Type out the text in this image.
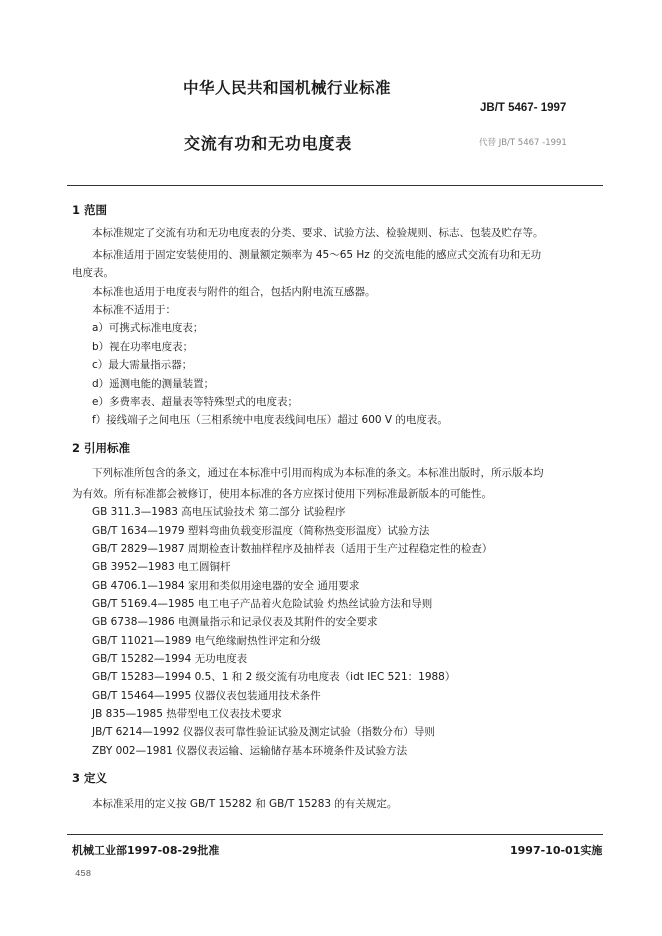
中华人民共和国机械行业标准
JB/T 5467- 1997
交流有功和无功电度表	代替 JB/T 5467 -1991
1 范围
本标准规定了交流有功和无功电度表的分类、要求、试验方法、检验规则、标志、包装及贮存等。
本标准适用于固定安装使用的、测量额定频率为 45～65 Hz 的交流电能的感应式交流有功和无功
电度表。
本标准也适用于电度表与附件的组合，包括内附电流互感器。
本标准不适用于：
a）可携式标准电度表；
b）视在功率电度表；
c）最大需量指示器；
d）遥测电能的测量装置；
e）多费率表、超量表等特殊型式的电度表；
f）接线端子之间电压（三相系统中电度表线间电压）超过 600 V 的电度表。
2 引用标准
下列标准所包含的条文，通过在本标准中引用而构成为本标准的条文。本标准出版时，所示版本均
为有效。所有标准都会被修订，使用本标准的各方应探讨使用下列标准最新版本的可能性。
GB 311.3—1983 高电压试验技术 第二部分 试验程序
GB/T 1634—1979 塑料弯曲负载变形温度（简称热变形温度）试验方法
GB/T 2829—1987 周期检查计数抽样程序及抽样表（适用于生产过程稳定性的检查）
GB 3952—1983 电工圆铜杆
GB 4706.1—1984 家用和类似用途电器的安全 通用要求
GB/T 5169.4—1985 电工电子产品着火危险试验 灼热丝试验方法和导则
GB 6738—1986 电测量指示和记录仪表及其附件的安全要求
GB/T 11021—1989 电气绝缘耐热性评定和分级
GB/T 15282—1994 无功电度表
GB/T 15283—1994 0.5、1 和 2 级交流有功电度表（idt IEC 521：1988）
GB/T 15464—1995 仪器仪表包装通用技术条件
JB 835—1985 热带型电工仪表技术要求
JB/T 6214—1992 仪器仪表可靠性验证试验及测定试验（指数分布）导则
ZBY 002—1981 仪器仪表运输、运输储存基本环境条件及试验方法
3 定义
本标准采用的定义按 GB/T 15282 和 GB/T 15283 的有关规定。
机械工业部1997-08-29批准	1997-10-01实施
458
